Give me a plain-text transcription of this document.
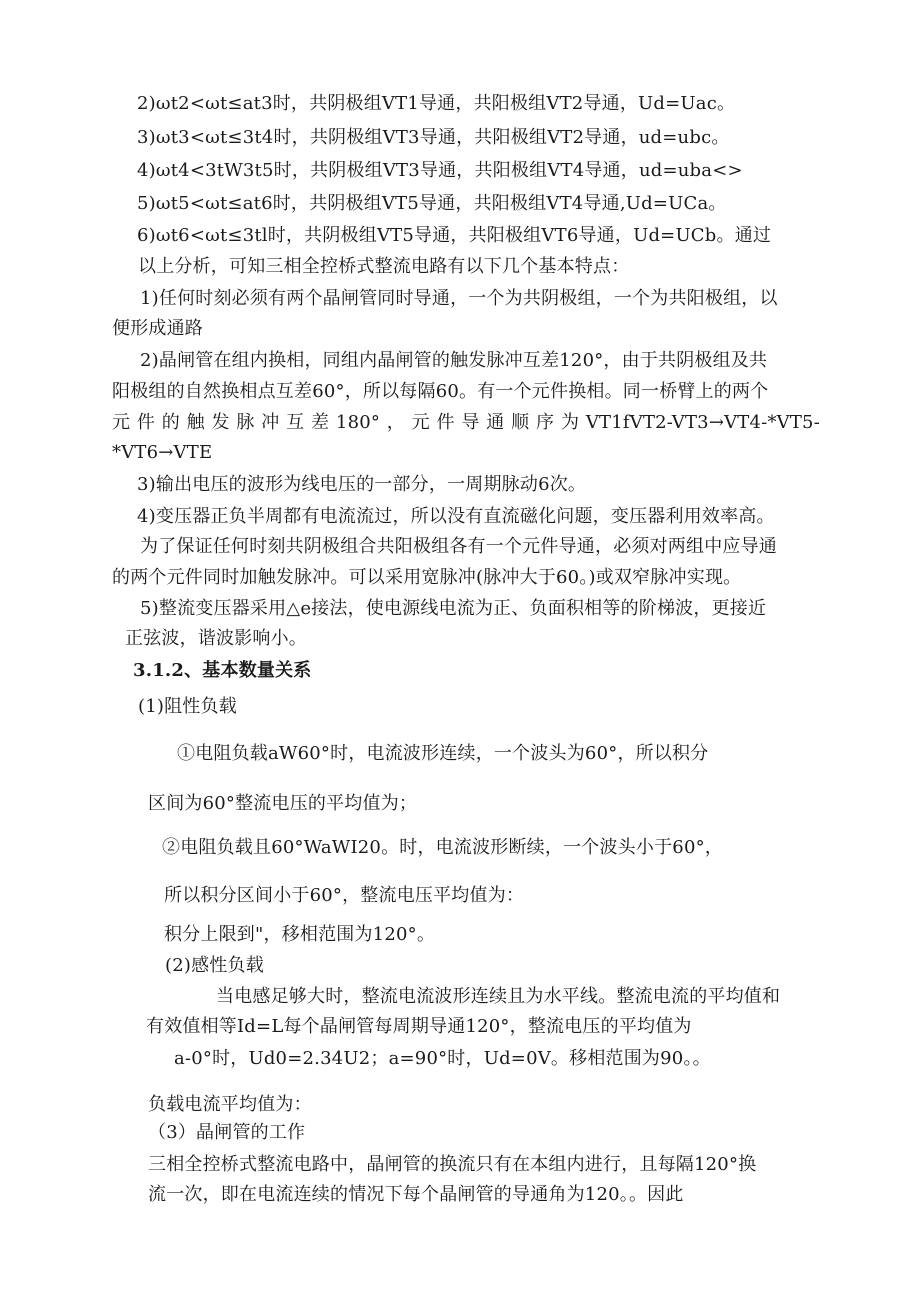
2)ωt2<ωt≤at3时，共阴极组VT1导通，共阳极组VT2导通，Ud=Uac。
3)ωt3<ωt≤3t4时，共阴极组VT3导通，共阳极组VT2导通，ud=ubc。
4)ωt4<3tW3t5时，共阴极组VT3导通，共阳极组VT4导通，ud=uba<>
5)ωt5<ωt≤at6时，共阴极组VT5导通，共阳极组VT4导通,Ud=UCa。
6)ωt6<ωt≤3tl时，共阴极组VT5导通，共阳极组VT6导通，Ud=UCb。通过
以上分析，可知三相全控桥式整流电路有以下几个基本特点：
1)任何时刻必须有两个晶闸管同时导通，一个为共阴极组，一个为共阳极组，以
便形成通路
2)晶闸管在组内换相，同组内晶闸管的触发脉冲互差120°，由于共阴极组及共
阳极组的自然换相点互差60°，所以每隔60。有一个元件换相。同一桥臂上的两个
元件的触发脉冲互差180°，元件导通顺序为VT1fVT2-VT3→VT4-*VT5-
*VT6→VTE
3)输出电压的波形为线电压的一部分，一周期脉动6次。
4)变压器正负半周都有电流流过，所以没有直流磁化问题，变压器利用效率高。
为了保证任何时刻共阴极组合共阳极组各有一个元件导通，必须对两组中应导通
的两个元件同时加触发脉冲。可以采用宽脉冲(脉冲大于60。)或双窄脉冲实现。
5)整流变压器采用△e接法，使电源线电流为正、负面积相等的阶梯波，更接近
正弦波，谐波影响小。
3.1.2、基本数量关系
(1)阻性负载
①电阻负载aW60°时，电流波形连续，一个波头为60°，所以积分
区间为60°整流电压的平均值为；
②电阻负载且60°WaWI20。时，电流波形断续，一个波头小于60°，
所以积分区间小于60°，整流电压平均值为：
积分上限到"，移相范围为120°。
(2)感性负载
当电感足够大时，整流电流波形连续且为水平线。整流电流的平均值和
有效值相等Id=L每个晶闸管每周期导通120°，整流电压的平均值为
a-0°时，Ud0=2.34U2；a=90°时，Ud=0V。移相范围为90。。
负载电流平均值为：
（3）晶闸管的工作
三相全控桥式整流电路中，晶闸管的换流只有在本组内进行，且每隔120°换
流一次，即在电流连续的情况下每个晶闸管的导通角为120。。因此
